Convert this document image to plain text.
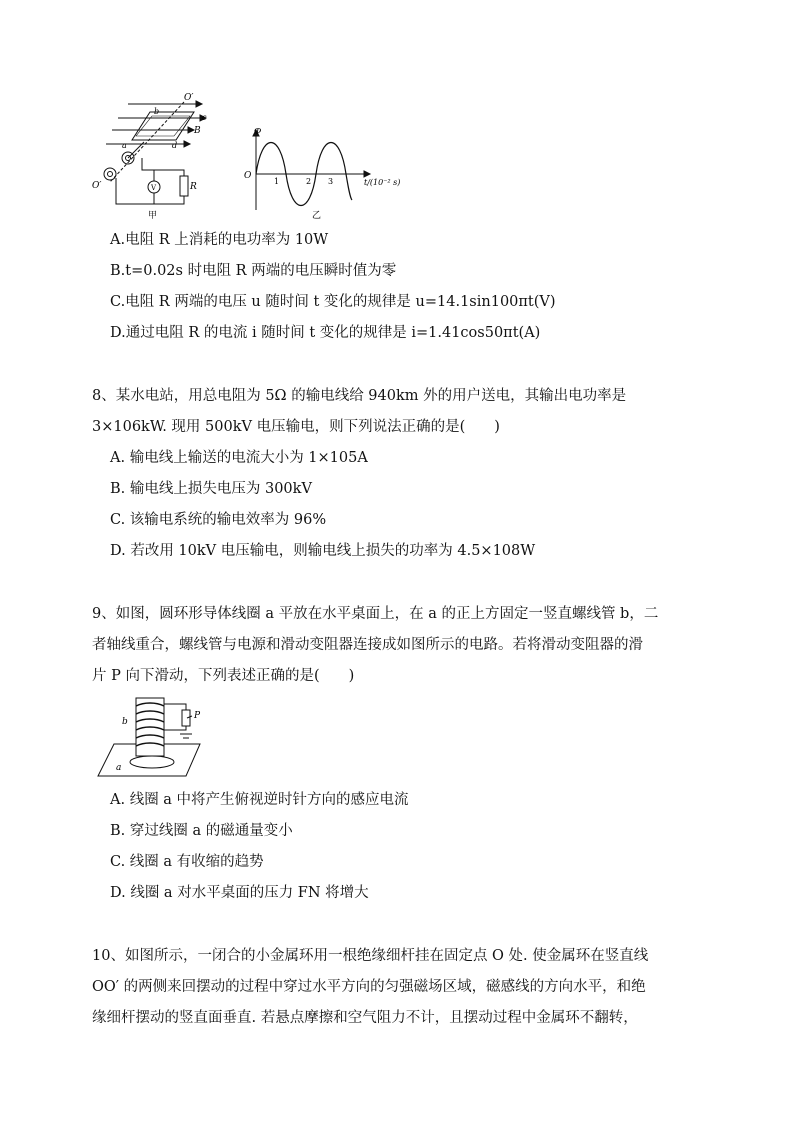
O′
b
c
B
a	d
O′	V	R
甲
Φ
O
1	2 3	t/(10⁻² s)
乙
A.电阻 R 上消耗的电功率为 10W
B.t=0.02s 时电阻 R 两端的电压瞬时值为零
C.电阻 R 两端的电压 u 随时间 t 变化的规律是 u=14.1sin100πt(V)
D.通过电阻 R 的电流 i 随时间 t 变化的规律是 i=1.41cos50πt(A)
8、某水电站，用总电阻为 5Ω 的输电线给 940km 外的用户送电，其输出电功率是
3×106kW. 现用 500kV 电压输电，则下列说法正确的是(　　)
A. 输电线上输送的电流大小为 1×105A
B. 输电线上损失电压为 300kV
C. 该输电系统的输电效率为 96%
D. 若改用 10kV 电压输电，则输电线上损失的功率为 4.5×108W
9、如图，圆环形导体线圈 a 平放在水平桌面上，在 a 的正上方固定一竖直螺线管 b，二
者轴线重合，螺线管与电源和滑动变阻器连接成如图所示的电路。若将滑动变阻器的滑
片 P 向下滑动，下列表述正确的是(　　)
b
P
a
A. 线圈 a 中将产生俯视逆时针方向的感应电流
B. 穿过线圈 a 的磁通量变小
C. 线圈 a 有收缩的趋势
D. 线圈 a 对水平桌面的压力 FN 将增大
10、如图所示，一闭合的小金属环用一根绝缘细杆挂在固定点 O 处. 使金属环在竖直线
OO′ 的两侧来回摆动的过程中穿过水平方向的匀强磁场区域，磁感线的方向水平，和绝
缘细杆摆动的竖直面垂直. 若悬点摩擦和空气阻力不计，且摆动过程中金属环不翻转，
